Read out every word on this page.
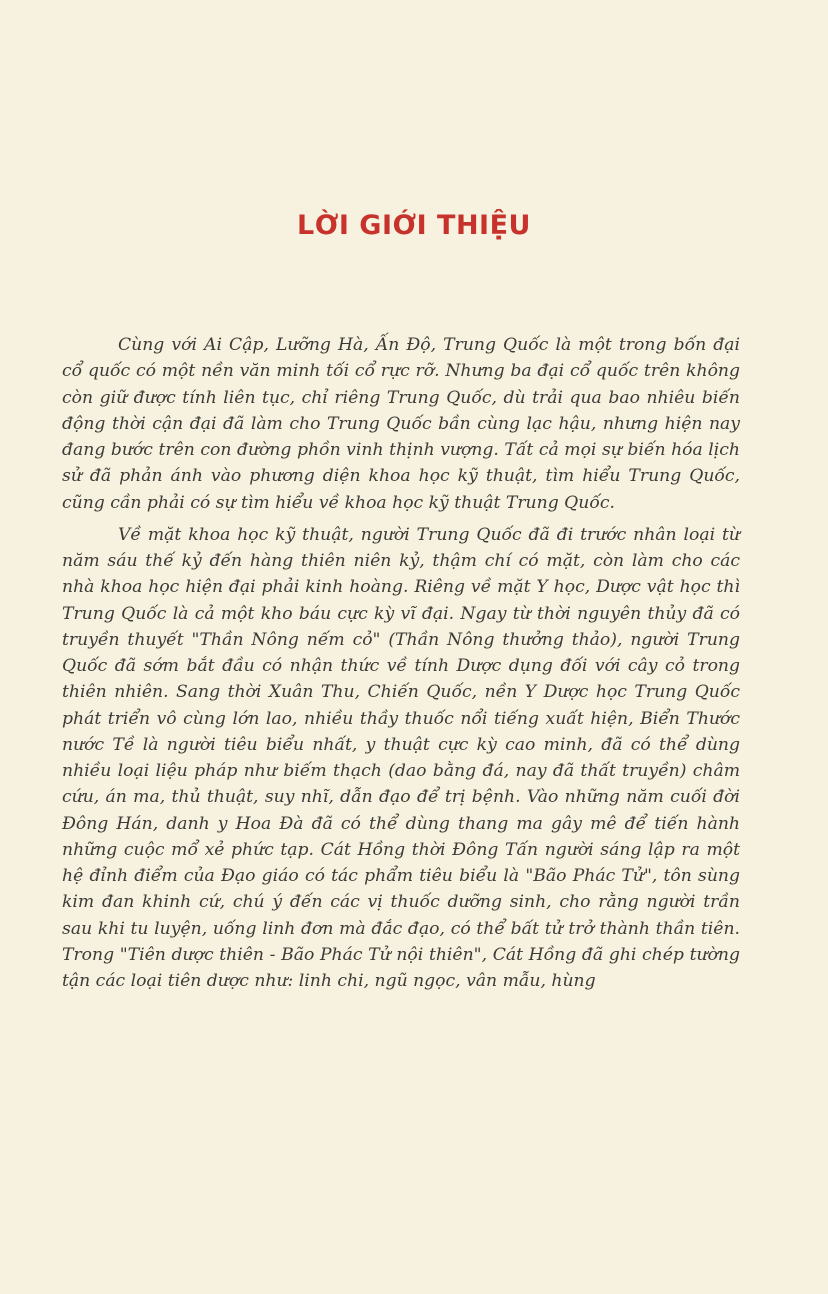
LỜI GIỚI THIỆU

Cùng với Ai Cập, Lưỡng Hà, Ấn Độ, Trung Quốc là một trong bốn đại cổ quốc có một nền văn minh tối cổ rực rỡ. Nhưng ba đại cổ quốc trên không còn giữ được tính liên tục, chỉ riêng Trung Quốc, dù trải qua bao nhiêu biến động thời cận đại đã làm cho Trung Quốc bần cùng lạc hậu, nhưng hiện nay đang bước trên con đường phồn vinh thịnh vượng. Tất cả mọi sự biến hóa lịch sử đã phản ánh vào phương diện khoa học kỹ thuật, tìm hiểu Trung Quốc, cũng cần phải có sự tìm hiểu về khoa học kỹ thuật Trung Quốc.

Về mặt khoa học kỹ thuật, người Trung Quốc đã đi trước nhân loại từ năm sáu thế kỷ đến hàng thiên niên kỷ, thậm chí có mặt, còn làm cho các nhà khoa học hiện đại phải kinh hoàng. Riêng về mặt Y học, Dược vật học thì Trung Quốc là cả một kho báu cực kỳ vĩ đại. Ngay từ thời nguyên thủy đã có truyền thuyết "Thần Nông nếm cỏ" (Thần Nông thưởng thảo), người Trung Quốc đã sớm bắt đầu có nhận thức về tính Dược dụng đối với cây cỏ trong thiên nhiên. Sang thời Xuân Thu, Chiến Quốc, nền Y Dược học Trung Quốc phát triển vô cùng lớn lao, nhiều thầy thuốc nổi tiếng xuất hiện, Biển Thước nước Tề là người tiêu biểu nhất, y thuật cực kỳ cao minh, đã có thể dùng nhiều loại liệu pháp như biếm thạch (dao bằng đá, nay đã thất truyền) châm cứu, án ma, thủ thuật, suy nhĩ, dẫn đạo để trị bệnh. Vào những năm cuối đời Đông Hán, danh y Hoa Đà đã có thể dùng thang ma gây mê để tiến hành những cuộc mổ xẻ phức tạp. Cát Hồng thời Đông Tấn người sáng lập ra một hệ đỉnh điểm của Đạo giáo có tác phẩm tiêu biểu là "Bão Phác Tử", tôn sùng kim đan khinh cứ, chú ý đến các vị thuốc dưỡng sinh, cho rằng người trần sau khi tu luyện, uống linh đơn mà đắc đạo, có thể bất tử trở thành thần tiên. Trong "Tiên dược thiên - Bão Phác Tử nội thiên", Cát Hồng đã ghi chép tường tận các loại tiên dược như: linh chi, ngũ ngọc, vân mẫu, hùng
